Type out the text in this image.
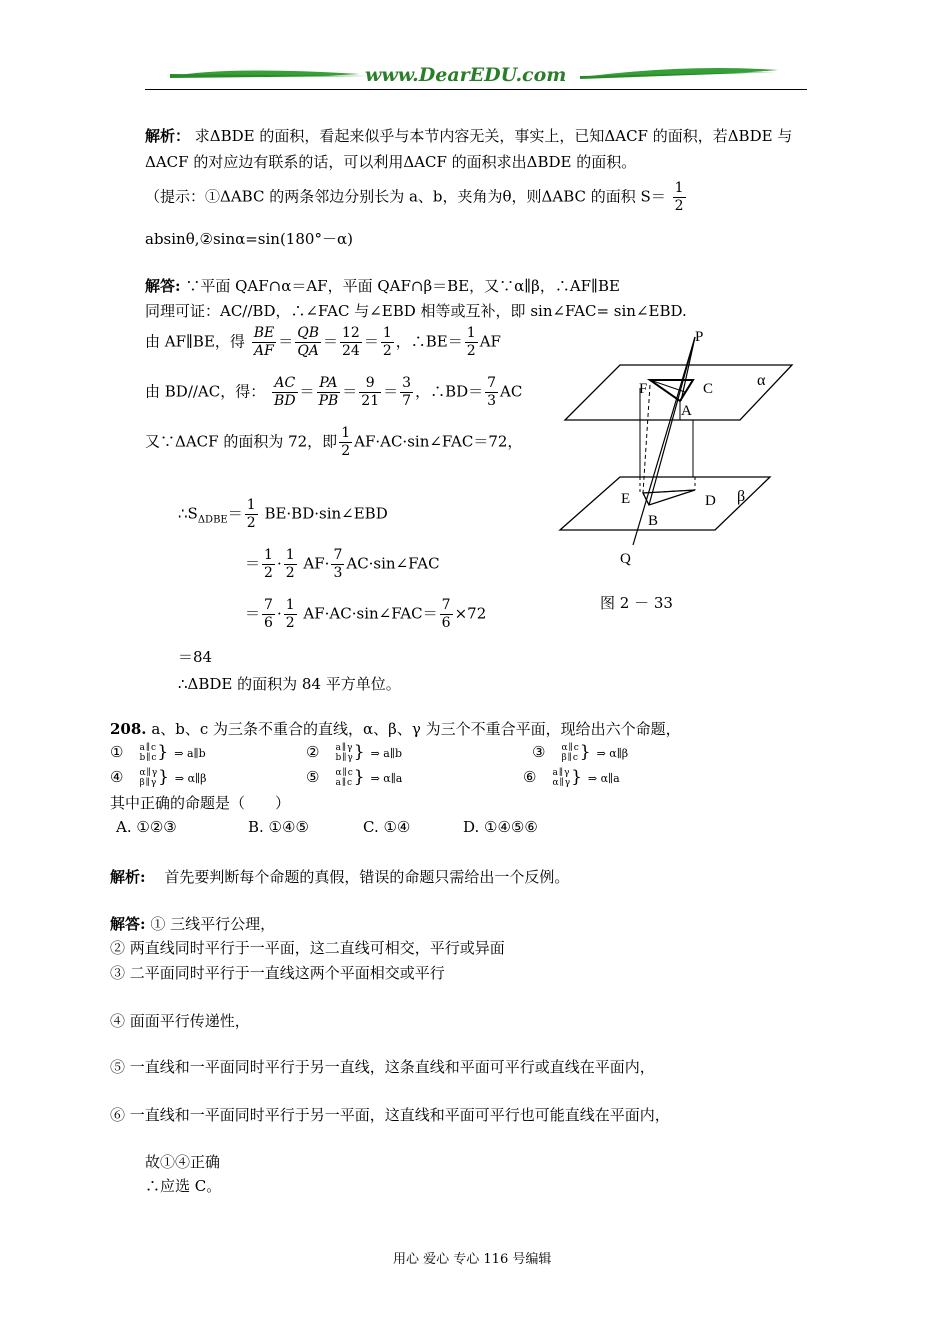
www.DearEDU.com
解析： 求ΔBDE 的面积，看起来似乎与本节内容无关，事实上，已知ΔACF 的面积，若ΔBDE 与
ΔACF 的对应边有联系的话，可以利用ΔACF 的面积求出ΔBDE 的面积。
（提示：①ΔABC 的两条邻边分别长为 a、b，夹角为θ，则ΔABC 的面积 $S= \frac{1}{2}$
absinθ,②sinα=sin(180°－α)
解答: ∵平面 QAF∩α＝AF，平面 QAF∩β＝BE，又∵α∥β，∴AF∥BE
同理可证：AC//BD，∴∠FAC 与∠EBD 相等或互补，即 sin∠FAC= sin∠EBD.
由 AF∥BE，得 $\frac{BE}{AF} = \frac{QB}{QA} = \frac{12}{24} = \frac{1}{2}$ ，∴BE＝ $\frac{1}{2}$ AF
由 BD//AC，得： $\frac{AC}{BD} = \frac{PA}{PB} = \frac{9}{21} = \frac{3}{7}$ ，∴BD＝ $\frac{7}{3}$ AC
又∵ΔACF 的面积为 72，即 $\frac{1}{2}$ AF·AC·sin∠FAC＝72，
$\therefore S_{\Delta DBE}= \frac{1}{2}$ BE·BD·sin∠EBD
＝ $\frac{1}{2} \cdot \frac{1}{2} AF\cdot \frac{7}{3}$ AC·sin∠FAC
＝ $\frac{7}{6} \cdot \frac{1}{2}$ AF·AC·sin∠FAC＝ $\frac{7}{6} \times 72$
＝84
∴ΔBDE 的面积为 84 平方单位。
P
F	C
A
α
E	D β
B
Q
图 2 － 33
208. a、b、c 为三条不重合的直线，α、β、γ 为三个不重合平面，现给出六个命题，
① a∥c
b∥c } ⇒ a∥b	② a∥γ
b∥γ } ⇒ a∥b	③ α∥c
β∥c } ⇒ α∥β
④ α∥γ
β∥γ } ⇒ α∥β	⑤ α∥c
a∥c } ⇒ α∥a	⑥ a∥γ
α∥γ } ⇒ α∥a
其中正确的命题是（　　）
A. ①②③	B. ①④⑤	C. ①④	D. ①④⑤⑥
解析: 首先要判断每个命题的真假，错误的命题只需给出一个反例。
解答: ① 三线平行公理，
② 两直线同时平行于一平面，这二直线可相交，平行或异面
③ 二平面同时平行于一直线这两个平面相交或平行
④ 面面平行传递性，
⑤ 一直线和一平面同时平行于另一直线，这条直线和平面可平行或直线在平面内，
⑥ 一直线和一平面同时平行于另一平面，这直线和平面可平行也可能直线在平面内，
故①④正确
∴应选 C。
用心 爱心 专心 116 号编辑
